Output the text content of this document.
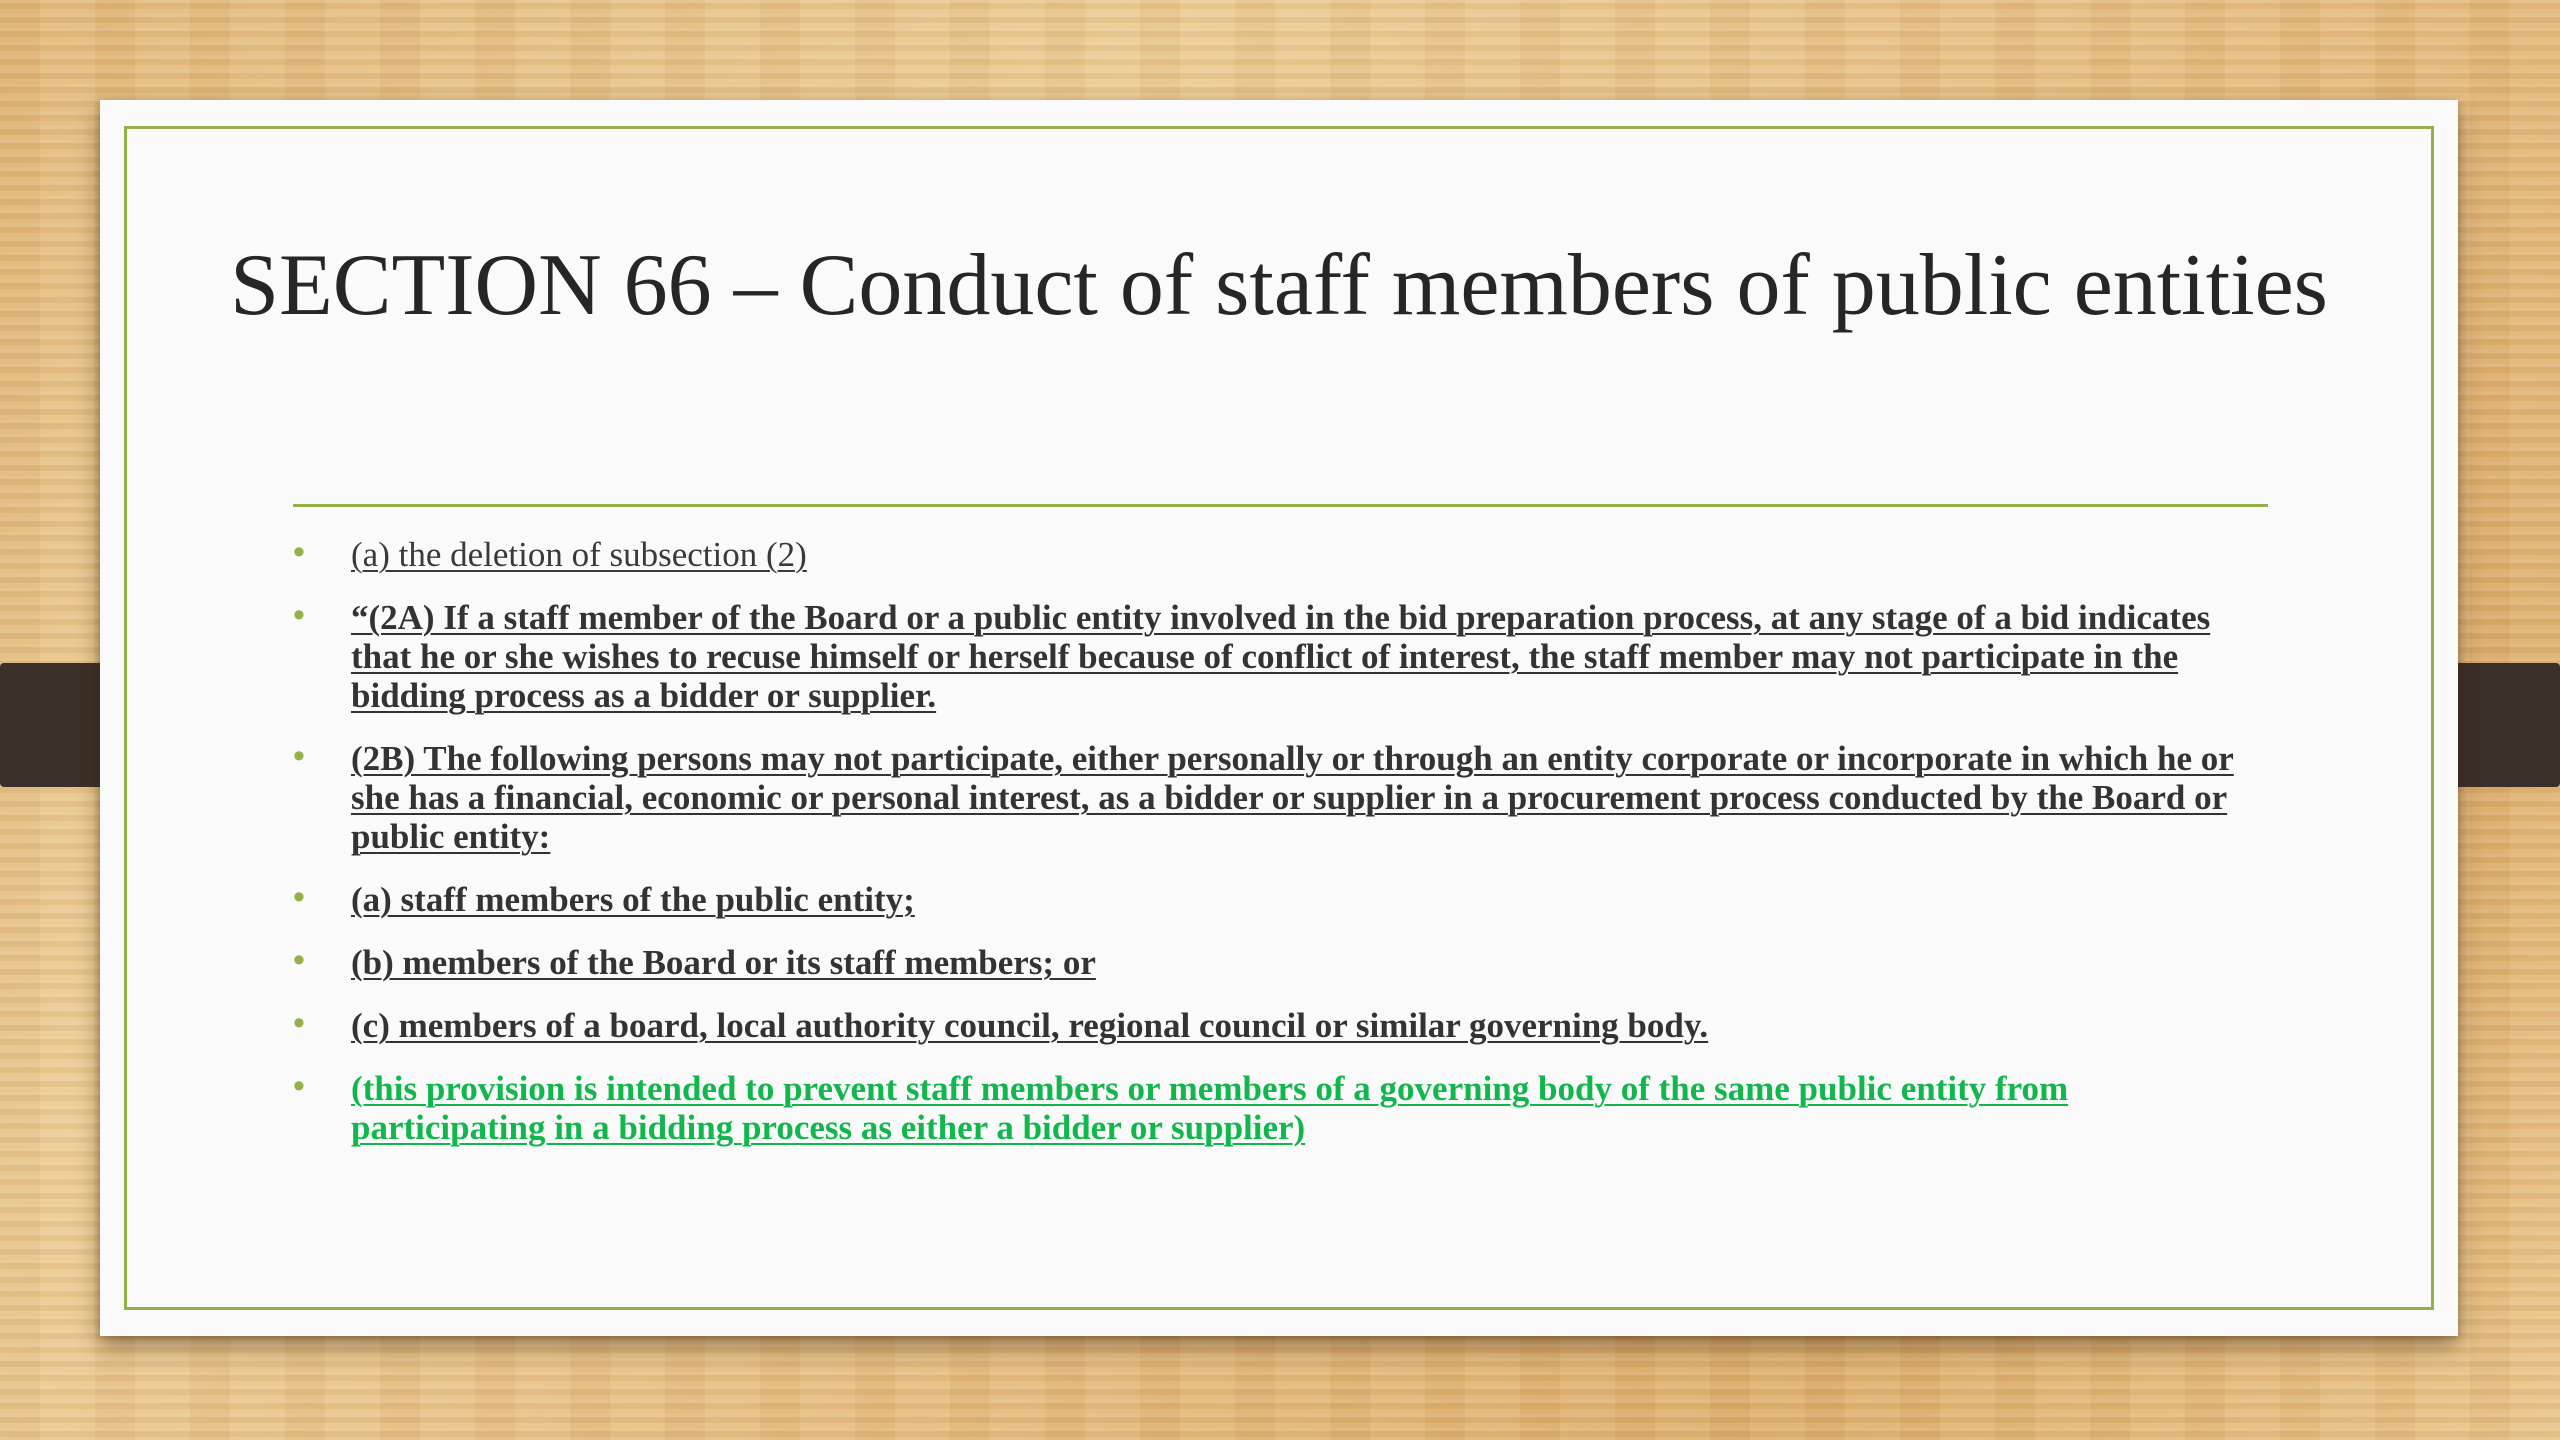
SECTION 66 – Conduct of staff members of public entities
• (a) the deletion of subsection (2)
• “(2A) If a staff member of the Board or a public entity involved in the bid preparation process, at any stage of a bid indicates that he or she wishes to recuse himself or herself because of conflict of interest, the staff member may not participate in the bidding process as a bidder or supplier.
• (2B) The following persons may not participate, either personally or through an entity corporate or incorporate in which he or she has a financial, economic or personal interest, as a bidder or supplier in a procurement process conducted by the Board or public entity:
• (a) staff members of the public entity;
• (b) members of the Board or its staff members; or
• (c) members of a board, local authority council, regional council or similar governing body.
• (this provision is intended to prevent staff members or members of a governing body of the same public entity from participating in a bidding process as either a bidder or supplier)
